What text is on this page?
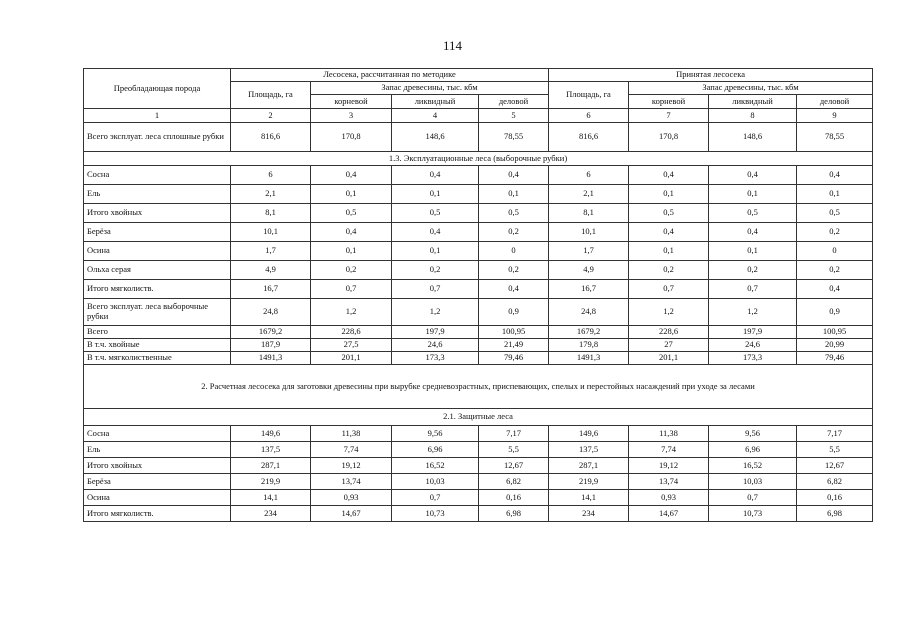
114
Преобладающая порода	Лесосека, рассчитанная по методике				Принятая лесосека			
	Площадь, га	Запас древесины, тыс. кбм			Площадь, га	Запас древесины, тыс. кбм		
		корневой	ликвидный	деловой		корневой	ликвидный	деловой
1	2	3	4	5	6	7	8	9
Всего эксплуат. леса сплошные рубки	816,6	170,8	148,6	78,55	816,6	170,8	148,6	78,55
1.3. Эксплуатационные леса (выборочные рубки)								
Сосна	6	0,4	0,4	0,4	6	0,4	0,4	0,4
Ель	2,1	0,1	0,1	0,1	2,1	0,1	0,1	0,1
Итого хвойных	8,1	0,5	0,5	0,5	8,1	0,5	0,5	0,5
Берёза	10,1	0,4	0,4	0,2	10,1	0,4	0,4	0,2
Осина	1,7	0,1	0,1	0	1,7	0,1	0,1	0
Ольха серая	4,9	0,2	0,2	0,2	4,9	0,2	0,2	0,2
Итого мягколиств.	16,7	0,7	0,7	0,4	16,7	0,7	0,7	0,4
Всего эксплуат. леса выборочные рубки	24,8	1,2	1,2	0,9	24,8	1,2	1,2	0,9
Всего	1679,2	228,6	197,9	100,95	1679,2	228,6	197,9	100,95
В т.ч. хвойные	187,9	27,5	24,6	21,49	179,8	27	24,6	20,99
В т.ч. мягколиственные	1491,3	201,1	173,3	79,46	1491,3	201,1	173,3	79,46
2. Расчетная лесосека для заготовки древесины при вырубке средневозрастных, приспевающих, спелых и перестойных насаждений при уходе за лесами								
2.1. Защитные леса								
Сосна	149,6	11,38	9,56	7,17	149,6	11,38	9,56	7,17
Ель	137,5	7,74	6,96	5,5	137,5	7,74	6,96	5,5
Итого хвойных	287,1	19,12	16,52	12,67	287,1	19,12	16,52	12,67
Берёза	219,9	13,74	10,03	6,82	219,9	13,74	10,03	6,82
Осина	14,1	0,93	0,7	0,16	14,1	0,93	0,7	0,16
Итого мягколиств.	234	14,67	10,73	6,98	234	14,67	10,73	6,98
